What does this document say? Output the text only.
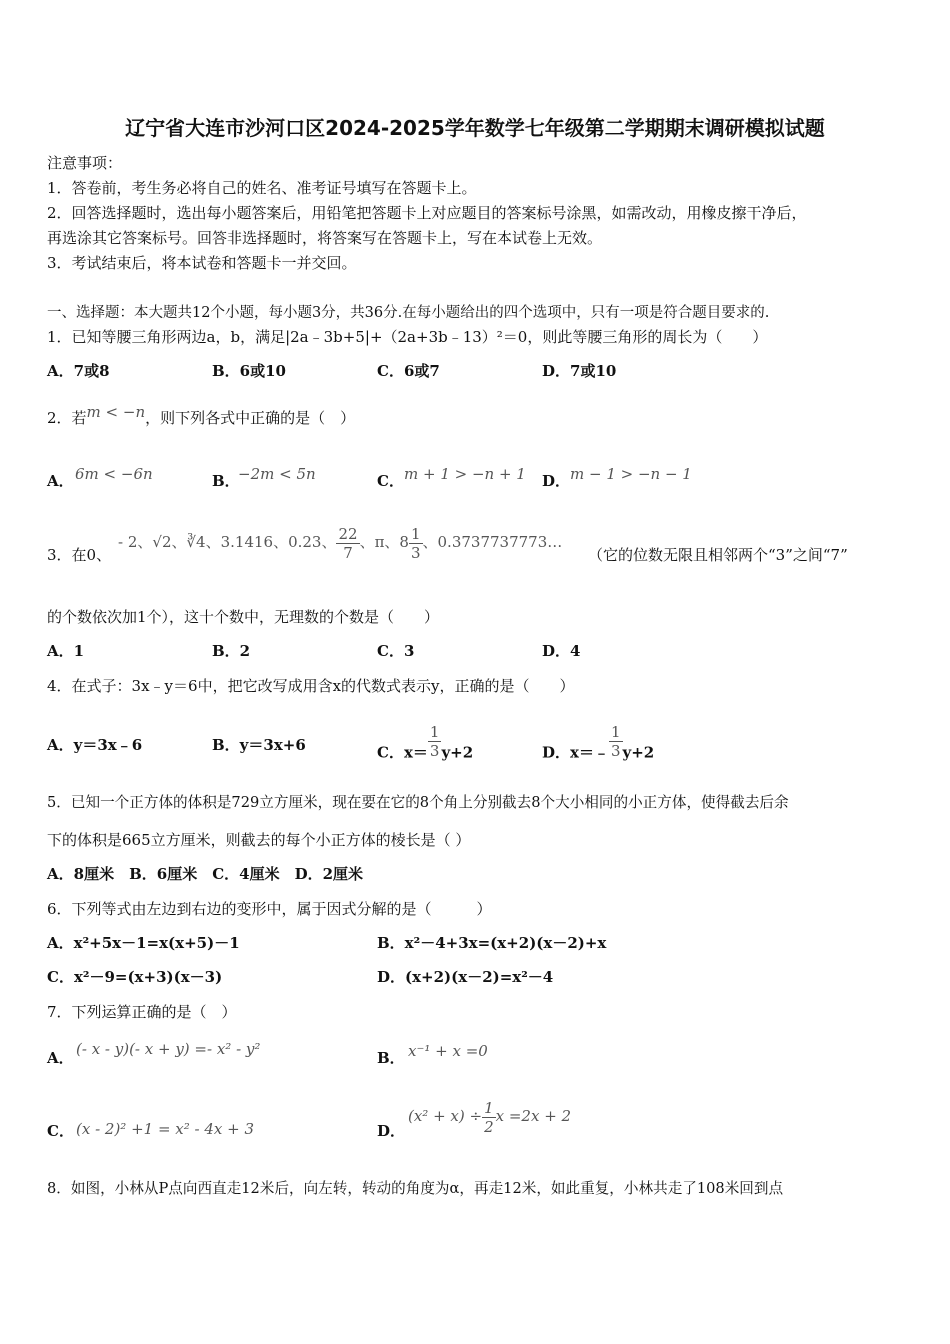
辽宁省大连市沙河口区2024-2025学年数学七年级第二学期期末调研模拟试题
注意事项：
1．答卷前，考生务必将自己的姓名、准考证号填写在答题卡上。
2．回答选择题时，选出每小题答案后，用铅笔把答题卡上对应题目的答案标号涂黑，如需改动，用橡皮擦干净后，
再选涂其它答案标号。回答非选择题时，将答案写在答题卡上，写在本试卷上无效。
3．考试结束后，将本试卷和答题卡一并交回。
一、选择题：本大题共12个小题，每小题3分，共36分.在每小题给出的四个选项中，只有一项是符合题目要求的.
1．已知等腰三角形两边a，b，满足|2a﹣3b+5|+（2a+3b﹣13）²＝0，则此等腰三角形的周长为（　　）
A．7或8	B．6或10	C．6或7	D．7或10
2．若m < −n，则下列各式中正确的是（　）
A． 6m < −6n	B．
−2m < 5n	C． m + 1 > −n + 1 D． m − 1 > −n − 1
3．在0、
- 2、√2、∛4、3.1416、0.23、 $\frac{22}{7}$ 、π、$8 \frac{1}{3}$ 、0.3737737773…
（它的位数无限且相邻两个“3”之间“7”
的个数依次加1个），这十个数中，无理数的个数是（　　）
A．1	B．2	C．3	D．4
4．在式子：3x﹣y＝6中，把它改写成用含x的代数式表示y，正确的是（　　）
A．y＝3x﹣6	B．y＝3x+6	C．$x= \frac{1}{3} y+2$	D．x＝﹣ $\frac{1}{3} y+2$
5．已知一个正方体的体积是729立方厘米，现在要在它的8个角上分别截去8个大小相同的小正方体，使得截去后余
下的体积是665立方厘米，则截去的每个小正方体的棱长是（ ）
A．8厘米　B．6厘米　C．4厘米　D．2厘米
6．下列等式由左边到右边的变形中，属于因式分解的是（　　　）
A．x²+5x－1=x(x+5)－1	B．x²－4+3x=(x+2)(x－2)+x
C．x²－9=(x+3)(x－3)	D．(x+2)(x－2)=x²－4
7．下列运算正确的是（　）
A． (- x - y)(- x + y) =- x² - y²	B． x⁻¹ + x =0
C． (x - 2)² +1 = x² - 4x + 3	D．
$(x^2 + x) \div \frac{1}{2}$ x =2x + 2
8．如图，小林从P点向西直走12米后，向左转，转动的角度为α，再走12米，如此重复，小林共走了108米回到点
